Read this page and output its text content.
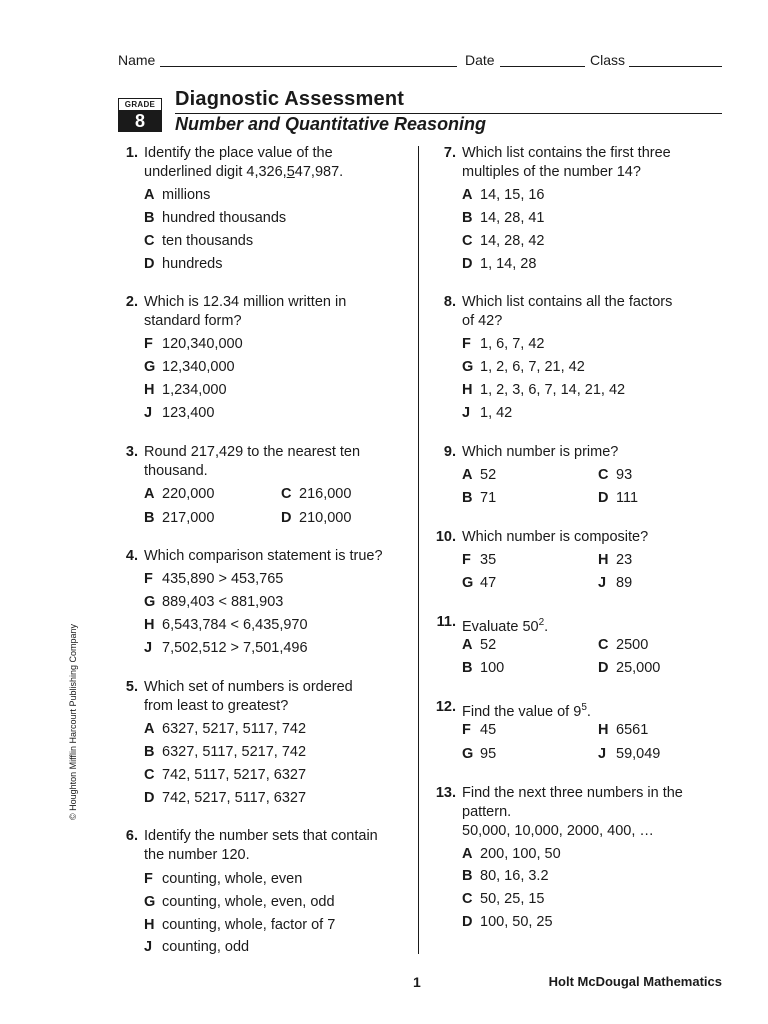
Name	Date	Class
GRADE
8
Diagnostic Assessment
Number and Quantitative Reasoning
1. Identify the place value of the
underlined digit 4,326,547,987.
A millions
B hundred thousands
C ten thousands
D hundreds
2. Which is 12.34 million written in
standard form?
F 120,340,000
G 12,340,000
H 1,234,000
J 123,400
3. Round 217,429 to the nearest ten
thousand.
A 220,000	C 216,000
B 217,000	D 210,000
4. Which comparison statement is true?
F 435,890 > 453,765
G 889,403 < 881,903
H 6,543,784 < 6,435,970
J 7,502,512 > 7,501,496
5. Which set of numbers is ordered
from least to greatest?
A 6327, 5217, 5117, 742
B 6327, 5117, 5217, 742
C 742, 5117, 5217, 6327
D 742, 5217, 5117, 6327
6. Identify the number sets that contain
the number 120.
F counting, whole, even
G counting, whole, even, odd
H counting, whole, factor of 7
J counting, odd
7. Which list contains the first three
multiples of the number 14?
A 14, 15, 16
B 14, 28, 41
C 14, 28, 42
D 1, 14, 28
8. Which list contains all the factors
of 42?
F 1, 6, 7, 42
G 1, 2, 6, 7, 21, 42
H 1, 2, 3, 6, 7, 14, 21, 42
J 1, 42
9. Which number is prime?
A 52	C 93
B 71	D 111
10. Which number is composite?
F 35	H 23
G 47	J 89
11. Evaluate $50^2$.
A 52	C 2500
B 100	D 25,000
12. Find the value of $9^5$.
F 45	H 6561
G 95	J 59,049
13. Find the next three numbers in the
pattern.
50,000, 10,000, 2000, 400, …
A 200, 100, 50
B 80, 16, 3.2
C 50, 25, 15
D 100, 50, 25
© Houghton Mifflin Harcourt Publishing Company
1	Holt McDougal Mathematics
